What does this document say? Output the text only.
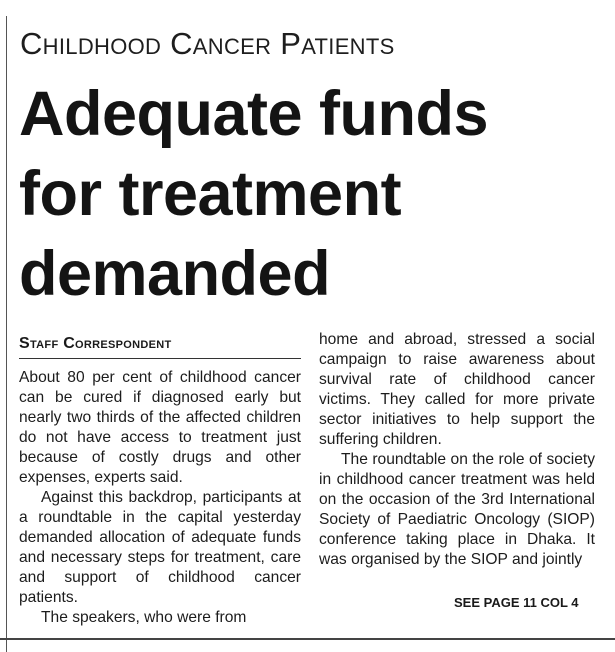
Childhood Cancer Patients
Adequate funds
for treatment
demanded
Staff Correspondent

About 80 per cent of childhood cancer can be cured if diagnosed early but nearly two thirds of the affected children do not have access to treatment just because of costly drugs and other expenses, experts said.

Against this backdrop, participants at a roundtable in the capital yesterday demanded allocation of adequate funds and necessary steps for treatment, care and support of childhood cancer patients.

The speakers, who were from

home and abroad, stressed a social campaign to raise awareness about survival rate of childhood cancer victims. They called for more private sector initiatives to help support the suffering children.

The roundtable on the role of society in childhood cancer treatment was held on the occasion of the 3rd International Society of Paediatric Oncology (SIOP) conference taking place in Dhaka. It was organised by the SIOP and jointly

SEE PAGE 11 COL 4
